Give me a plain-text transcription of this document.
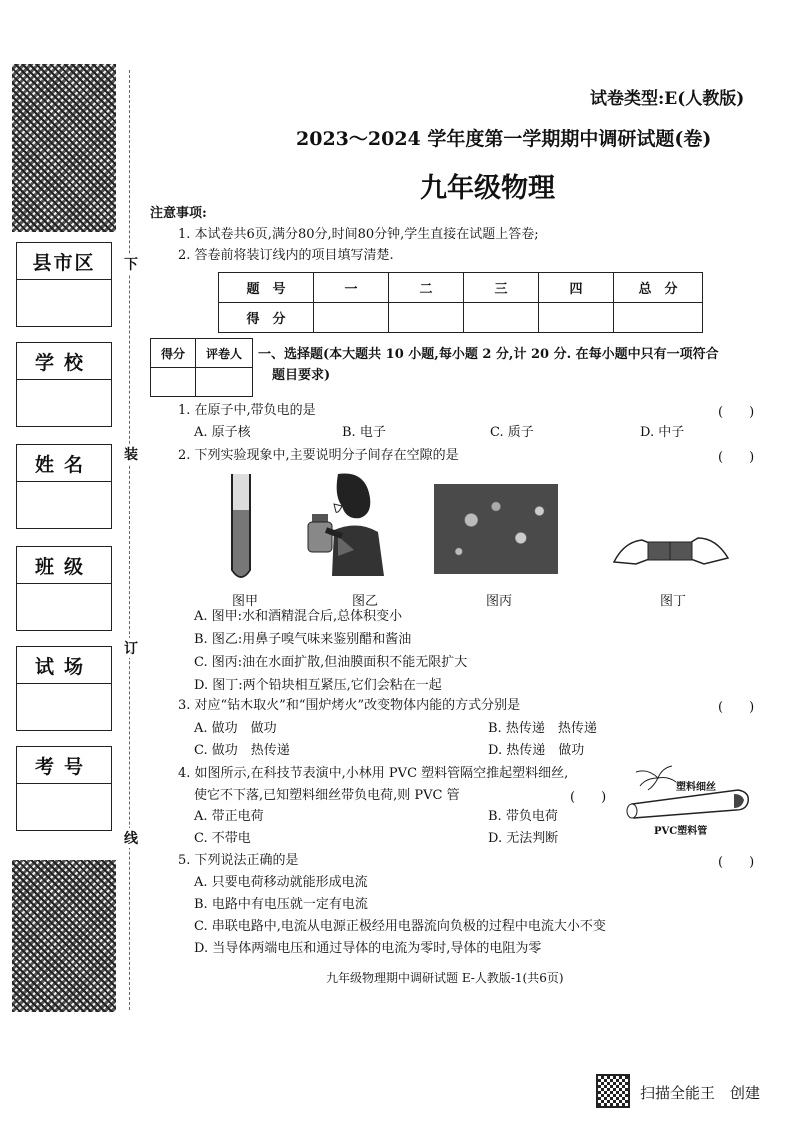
县市区
学校
姓名
班级
试场
考号
下
装
订
线
试卷类型:E(人教版)
2023～2024 学年度第一学期期中调研试题(卷)
九年级物理
注意事项:
1. 本试卷共6页,满分80分,时间80分钟,学生直接在试题上答卷;
2. 答卷前将装订线内的项目填写清楚.
题　号	一	二	三	四	总　分
得　分					
得分	评卷人
	一、选择题(本大题共 10 小题,每小题 2 分,计 20 分. 在每小题中只有一项符合
题目要求)
1. 在原子中,带负电的是	(　　)
A. 原子核	B. 电子	C. 质子	D. 中子
2. 下列实验现象中,主要说明分子间存在空隙的是	(　　)
图甲	图乙	图丙	图丁
A. 图甲:水和酒精混合后,总体积变小
B. 图乙:用鼻子嗅气味来鉴别醋和酱油
C. 图丙:油在水面扩散,但油膜面积不能无限扩大
D. 图丁:两个铅块相互紧压,它们会粘在一起
3. 对应“钻木取火”和“围炉烤火”改变物体内能的方式分别是	(　　)
A. 做功　做功	B. 热传递　热传递
C. 做功　热传递	D. 热传递　做功
4. 如图所示,在科技节表演中,小林用 PVC 塑料管隔空推起塑料细丝,
使它不下落,已知塑料细丝带负电荷,则 PVC 管	(　　)
A. 带正电荷	B. 带负电荷
C. 不带电	D. 无法判断
塑料细丝
PVC塑料管
5. 下列说法正确的是	(　　)
A. 只要电荷移动就能形成电流
B. 电路中有电压就一定有电流
C. 串联电路中,电流从电源正极经用电器流向负极的过程中电流大小不变
D. 当导体两端电压和通过导体的电流为零时,导体的电阻为零
九年级物理期中调研试题 E-人教版-1(共6页)
扫描全能王　创建
